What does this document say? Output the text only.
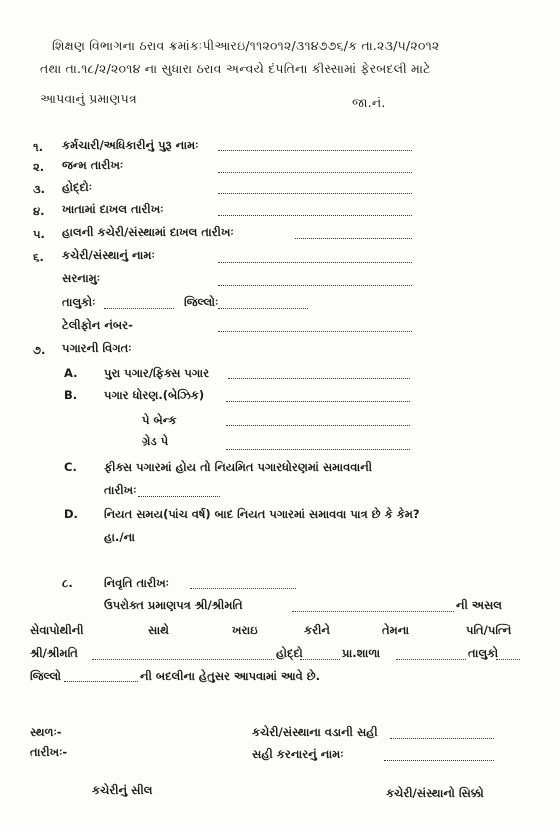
શિક્ષણ વિભાગના ઠરાવ ક્રમાંકઃપીઆરઇ/૧૧૨૦૧૨/૩૧૪૭૭૬/ક તા.૨૩/૫/૨૦૧૨
તથા તા.૧૮/૨/૨૦૧૪ ના સુધારા ઠરાવ અન્વયે દંપતિના કીસ્સામાં ફેરબદલી માટે
આપવાનું પ્રમાણપત્ર	જા.નં.
૧. કર્મચારી/અધિકારીનું પુરૂ નામઃ
૨. જન્મ તારીખઃ
૩. હોદ્દોઃ
૪. ખાતામાં દાખલ તારીખઃ
૫. હાલની કચેરી/સંસ્થામાં દાખલ તારીખઃ
૬. કચેરી/સંસ્થાનું નામઃ
સરનામુઃ
તાલુકોઃ	જિલ્લોઃ
ટેલીફોન નંબર-
૭. પગારની વિગતઃ
A. પુરા પગાર/ફિક્સ પગાર
B. પગાર ધોરણ.(બેઝિક)
પે બેન્ક
ગ્રેડ પે
C. ફીક્સ પગારમાં હોય તો નિયમિત પગારધોરણમાં સમાવવાની
તારીખઃ
D. નિયત સમય(પાંચ વર્ષ) બાદ નિયત પગારમાં સમાવવા પાત્ર છે કે કેમ?
હા./ના
૮.	નિવૃતિ તારીખઃ
ઉપરોક્ત પ્રમાણપત્ર શ્રી/શ્રીમતિ	ની અસલ
સેવાપોથીની	સાથે	ખરાઇ	કરીને	તેમના	પતિ/પત્નિ
શ્રી/શ્રીમતિ	હોદ્દો	પ્રા.શાળા	તાલુકો
જિલ્લો	ની બદલીના હેતુસર આપવામાં આવે છે.
સ્થળઃ-
તારીખઃ-
કચેરી/સંસ્થાના વડાની સહી
સહી કરનારનું નામઃ
કચેરીનું સીલ	કચેરી/સંસ્થાનો સિક્કો
